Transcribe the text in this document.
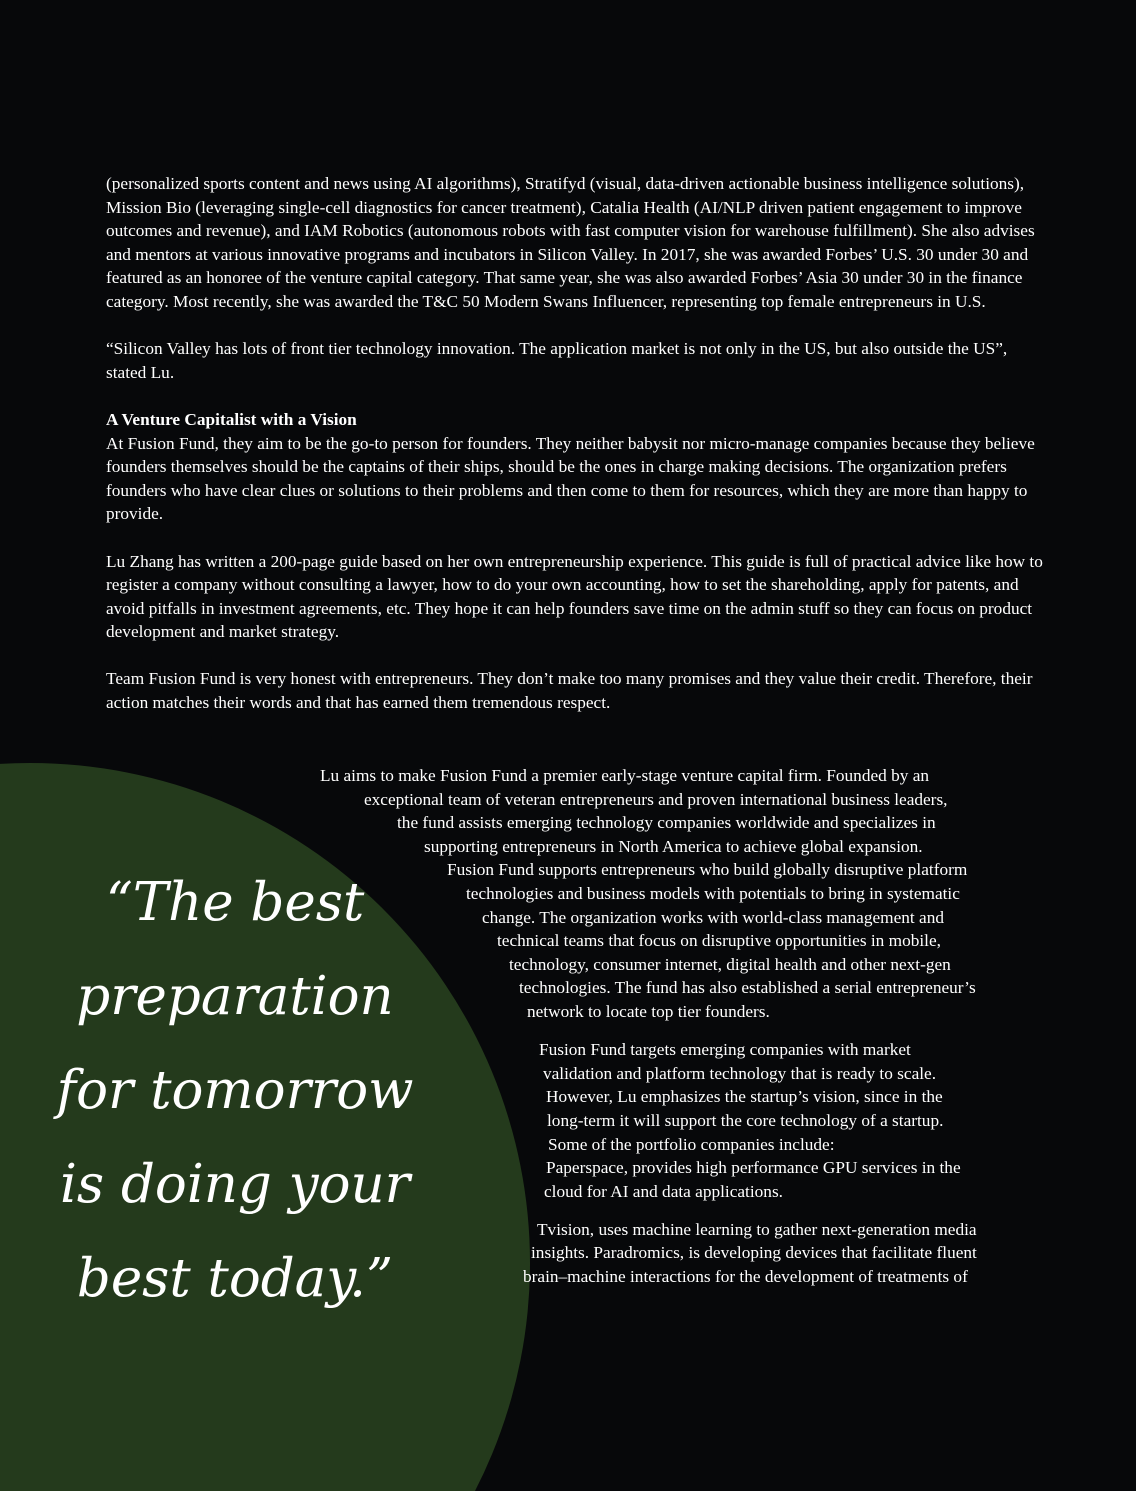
(personalized sports content and news using AI algorithms), Stratifyd (visual, data-driven actionable business intelligence solutions), Mission Bio (leveraging single-cell diagnostics for cancer treatment), Catalia Health (AI/NLP driven patient engagement to improve outcomes and revenue), and IAM Robotics (autonomous robots with fast computer vision for warehouse fulfillment). She also advises and mentors at various innovative programs and incubators in Silicon Valley. In 2017, she was awarded Forbes’ U.S. 30 under 30 and featured as an honoree of the venture capital category. That same year, she was also awarded Forbes’ Asia 30 under 30 in the finance category. Most recently, she was awarded the T&C 50 Modern Swans Influencer, representing top female entrepreneurs in U.S.

“Silicon Valley has lots of front tier technology innovation. The application market is not only in the US, but also outside the US”, stated Lu.

A Venture Capitalist with a Vision

At Fusion Fund, they aim to be the go-to person for founders. They neither babysit nor micro-manage companies because they believe founders themselves should be the captains of their ships, should be the ones in charge making decisions. The organization prefers founders who have clear clues or solutions to their problems and then come to them for resources, which they are more than happy to provide.

Lu Zhang has written a 200-page guide based on her own entrepreneurship experience. This guide is full of practical advice like how to register a company without consulting a lawyer, how to do your own accounting, how to set the shareholding, apply for patents, and avoid pitfalls in investment agreements, etc. They hope it can help founders save time on the admin stuff so they can focus on product development and market strategy.

Team Fusion Fund is very honest with entrepreneurs. They don’t make too many promises and they value their credit. Therefore, their action matches their words and that has earned them tremendous respect.

Lu aims to make Fusion Fund a premier early-stage venture capital firm. Founded by an
exceptional team of veteran entrepreneurs and proven international business leaders,
the fund assists emerging technology companies worldwide and specializes in
supporting entrepreneurs in North America to achieve global expansion.
Fusion Fund supports entrepreneurs who build globally disruptive platform
technologies and business models with potentials to bring in systematic
change. The organization works with world-class management and
technical teams that focus on disruptive opportunities in mobile,
technology, consumer internet, digital health and other next-gen
technologies. The fund has also established a serial entrepreneur’s
network to locate top tier founders.
Fusion Fund targets emerging companies with market
validation and platform technology that is ready to scale.
However, Lu emphasizes the startup’s vision, since in the
long-term it will support the core technology of a startup.
Some of the portfolio companies include:
Paperspace, provides high performance GPU services in the
cloud for AI and data applications.
Tvision, uses machine learning to gather next-generation media
insights. Paradromics, is developing devices that facilitate fluent
brain–machine interactions for the development of treatments of
“The best
preparation
for tomorrow
is doing your
best today.”
